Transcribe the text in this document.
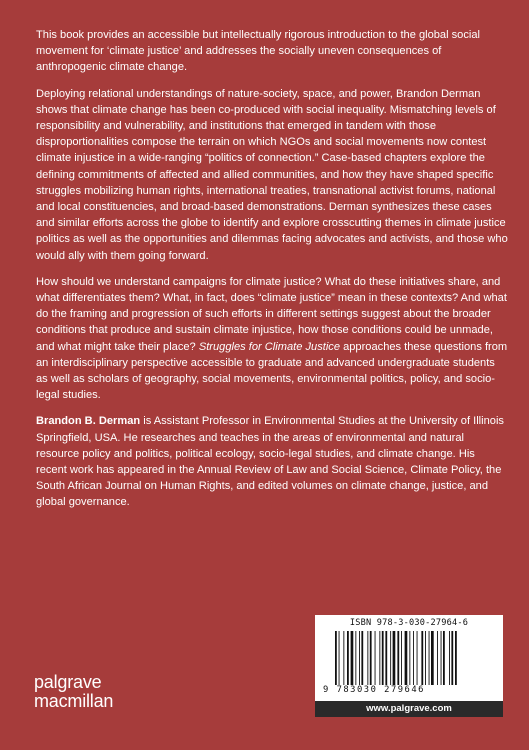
This book provides an accessible but intellectually rigorous introduction to the global social movement for ‘climate justice’ and addresses the socially uneven consequences of anthropogenic climate change.

Deploying relational understandings of nature-society, space, and power, Brandon Derman shows that climate change has been co-produced with social inequality. Mismatching levels of responsibility and vulnerability, and institutions that emerged in tandem with those disproportionalities compose the terrain on which NGOs and social movements now contest climate injustice in a wide-ranging “politics of connection.” Case-based chapters explore the defining commitments of affected and allied communities, and how they have shaped specific struggles mobilizing human rights, international treaties, transnational activist forums, national and local constituencies, and broad-based demonstrations. Derman synthesizes these cases and similar efforts across the globe to identify and explore crosscutting themes in climate justice politics as well as the opportunities and dilemmas facing advocates and activists, and those who would ally with them going forward.

How should we understand campaigns for climate justice? What do these initiatives share, and what differentiates them? What, in fact, does “climate justice” mean in these contexts? And what do the framing and progression of such efforts in different settings suggest about the broader conditions that produce and sustain climate injustice, how those conditions could be unmade, and what might take their place? Struggles for Climate Justice approaches these questions from an interdisciplinary perspective accessible to graduate and advanced undergraduate students as well as scholars of geography, social movements, environmental politics, policy, and socio-legal studies.

Brandon B. Derman is Assistant Professor in Environmental Studies at the University of Illinois Springfield, USA. He researches and teaches in the areas of environmental and natural resource policy and politics, political ecology, socio-legal studies, and climate change. His recent work has appeared in the Annual Review of Law and Social Science, Climate Policy, the South African Journal on Human Rights, and edited volumes on climate change, justice, and global governance.

ISBN 978-3-030-27964-6
9 783030 279646
www.palgrave.com
palgrave
macmillan
